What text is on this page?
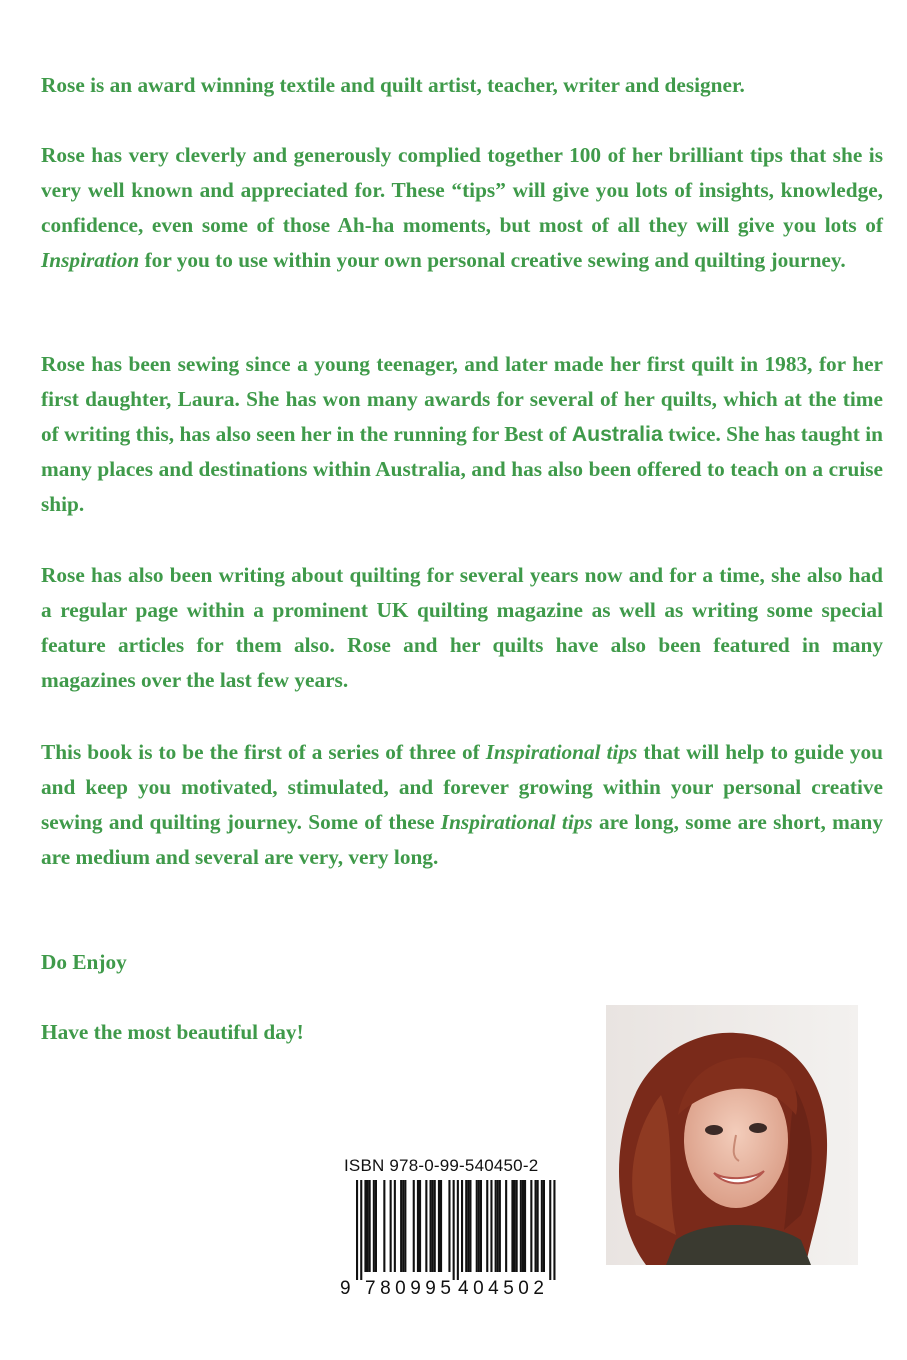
Rose is an award winning textile and quilt artist, teacher, writer and designer.

Rose has very cleverly and generously complied together 100 of her brilliant tips that she is very well known and appreciated for. These “tips” will give you lots of insights, knowledge, confidence, even some of those Ah-ha moments, but most of all they will give you lots of Inspiration for you to use within your own personal creative sewing and quilting journey.

Rose has been sewing since a young teenager, and later made her first quilt in 1983, for her first daughter, Laura. She has won many awards for several of her quilts, which at the time of writing this, has also seen her in the running for Best of Australia twice. She has taught in many places and destinations within Australia, and has also been offered to teach on a cruise ship.

Rose has also been writing about quilting for several years now and for a time, she also had a regular page within a prominent UK quilting magazine as well as writing some special feature articles for them also. Rose and her quilts have also been featured in many magazines over the last few years.

This book is to be the first of a series of three of Inspirational tips that will help to guide you and keep you motivated, stimulated, and forever growing within your personal creative sewing and quilting journey. Some of these Inspirational tips are long, some are short, many are medium and several are very, very long.

Do Enjoy
Have the most beautiful day!
ISBN 978-0-99-540450-2
9 780995 404502
